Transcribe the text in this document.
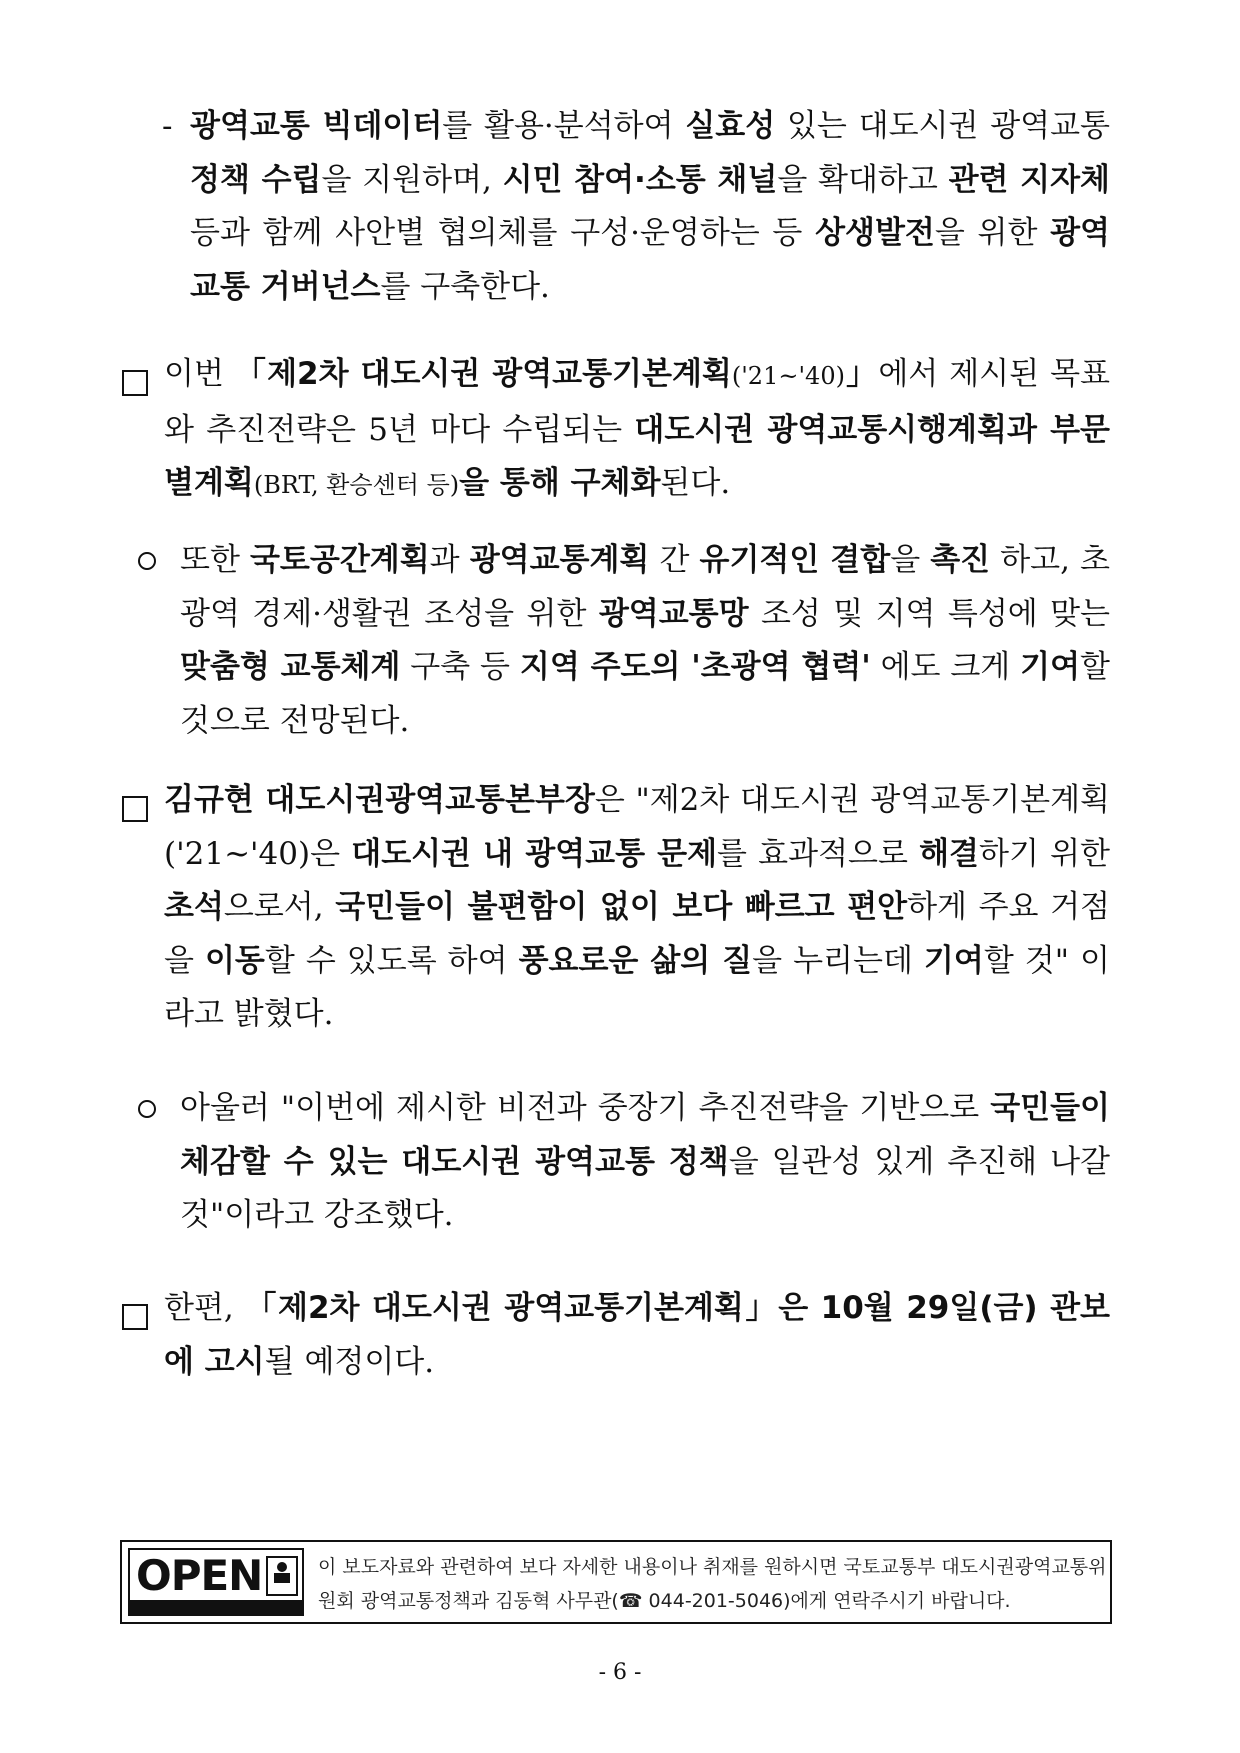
- 광역교통 빅데이터를 활용·분석하여 실효성 있는 대도시권 광역교통 정책 수립을 지원하며, 시민 참여·소통 채널을 확대하고 관련 지자체 등과 함께 사안별 협의체를 구성·운영하는 등 상생발전을 위한 광역교통 거버넌스를 구축한다.
이번 「제2차 대도시권 광역교통기본계획('21~'40)」에서 제시된 목표와 추진전략은 5년 마다 수립되는 대도시권 광역교통시행계획과 부문별계획(BRT, 환승센터 등)을 통해 구체화된다.
또한 국토공간계획과 광역교통계획 간 유기적인 결합을 촉진 하고, 초광역 경제·생활권 조성을 위한 광역교통망 조성 및 지역 특성에 맞는 맞춤형 교통체계 구축 등 지역 주도의 '초광역 협력' 에도 크게 기여할 것으로 전망된다.
김규현 대도시권광역교통본부장은 "제2차 대도시권 광역교통기본계획('21~'40)은 대도시권 내 광역교통 문제를 효과적으로 해결하기 위한 초석으로서, 국민들이 불편함이 없이 보다 빠르고 편안하게 주요 거점을 이동할 수 있도록 하여 풍요로운 삶의 질을 누리는데 기여할 것" 이라고 밝혔다.
아울러 "이번에 제시한 비전과 중장기 추진전략을 기반으로 국민들이 체감할 수 있는 대도시권 광역교통 정책을 일관성 있게 추진해 나갈 것"이라고 강조했다.
한편, 「제2차 대도시권 광역교통기본계획」은 10월 29일(금) 관보에 고시될 예정이다.
OPEN	이 보도자료와 관련하여 보다 자세한 내용이나 취재를 원하시면 국토교통부 대도시권광역교통위원회 광역교통정책과 김동혁 사무관(☎ 044-201-5046)에게 연락주시기 바랍니다.
- 6 -
